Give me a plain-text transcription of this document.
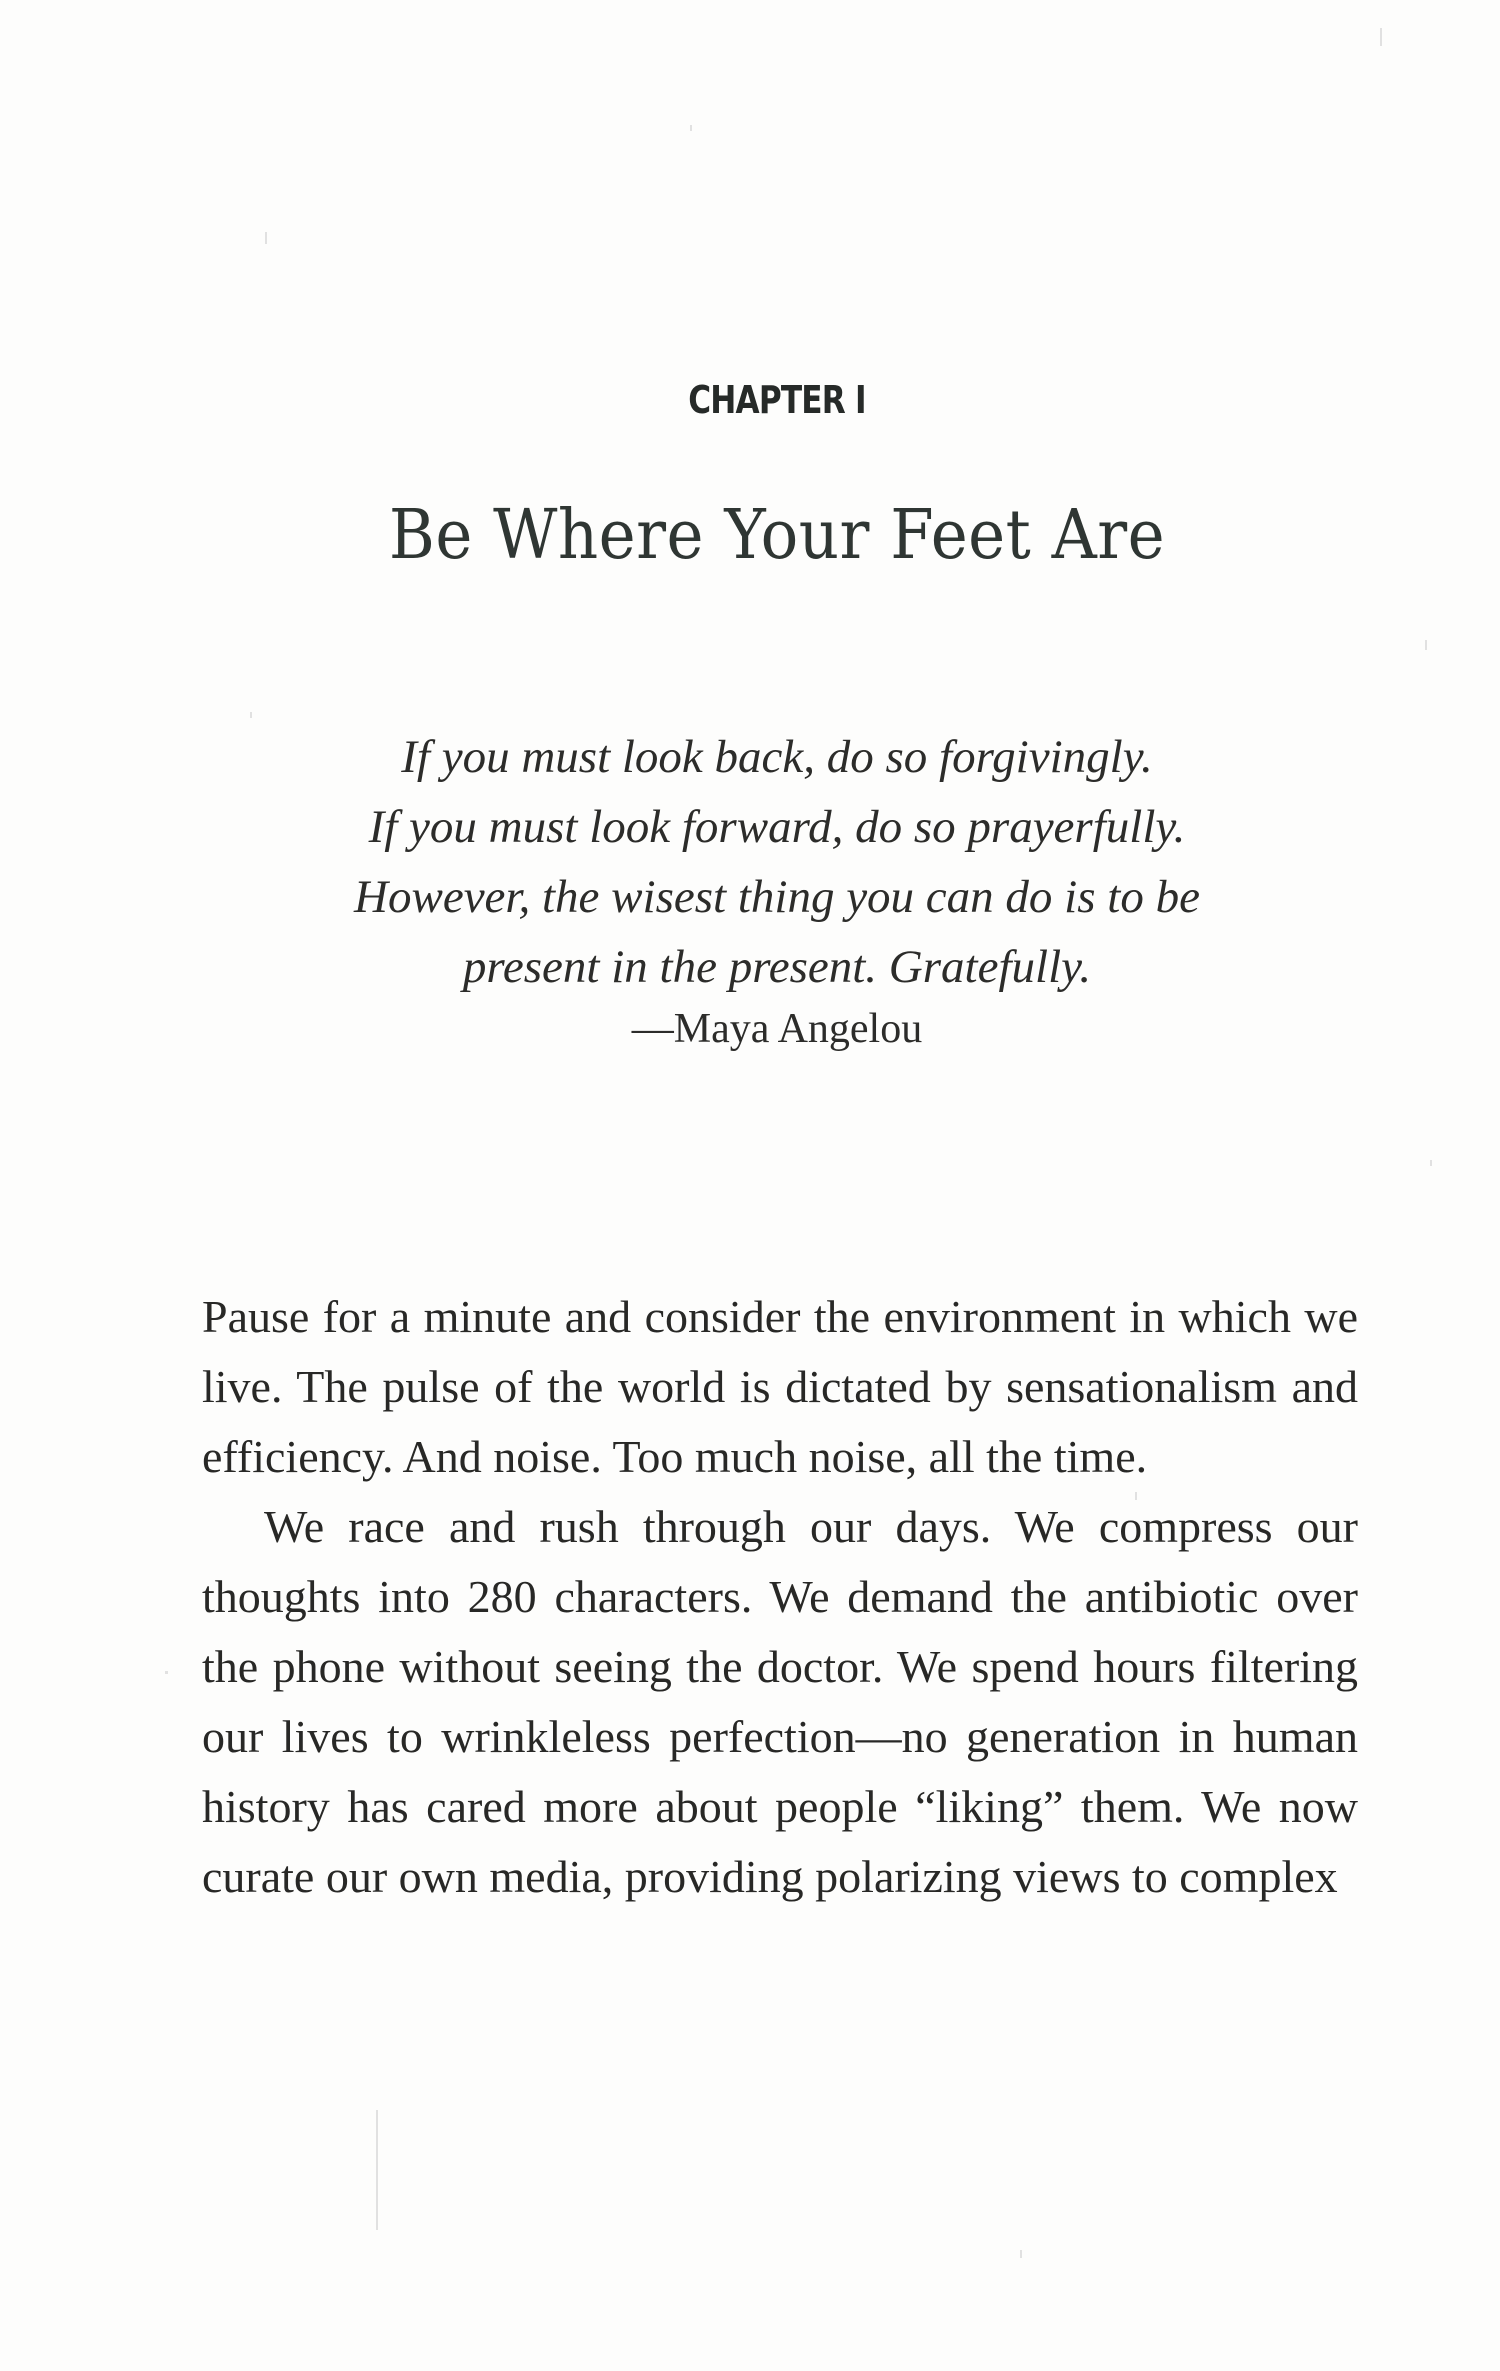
CHAPTER I
Be Where Your Feet Are
If you must look back, do so forgivingly.
If you must look forward, do so prayerfully.
However, the wisest thing you can do is to be
present in the present. Gratefully.
—Maya Angelou

Pause for a minute and consider the environment in which we live. The pulse of the world is dictated by sensationalism and efficiency. And noise. Too much noise, all the time.

We race and rush through our days. We compress our thoughts into 280 characters. We demand the antibiotic over the phone without seeing the doctor. We spend hours filtering our lives to wrinkleless perfection—no generation in human history has cared more about people “liking” them. We now curate our own media, providing polarizing views to complex
